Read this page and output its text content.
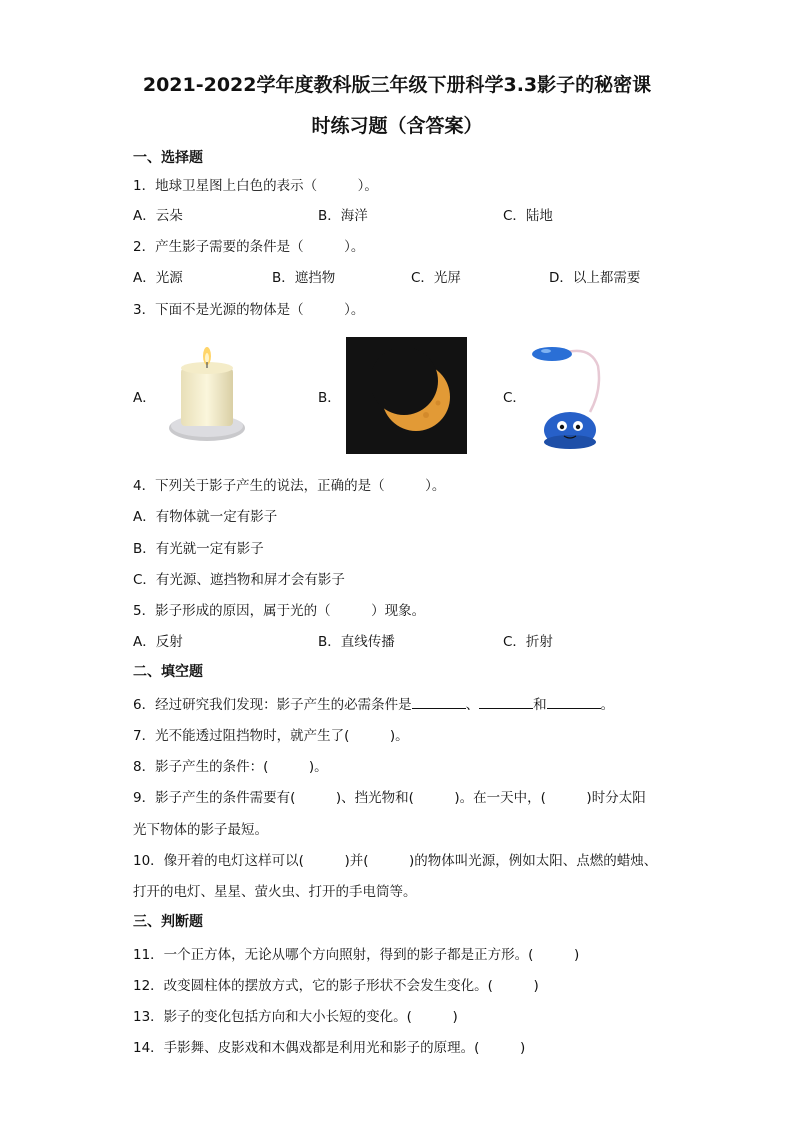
2021-2022学年度教科版三年级下册科学3.3影子的秘密课
时练习题（含答案）
一、选择题
1．地球卫星图上白色的表示（　　　）。
A．云朵	B．海洋	C．陆地
2．产生影子需要的条件是（　　　）。
A．光源	B．遮挡物	C．光屏	D．以上都需要
3．下面不是光源的物体是（　　　）。
A．	B．	C．
4．下列关于影子产生的说法，正确的是（　　　）。
A．有物体就一定有影子
B．有光就一定有影子
C．有光源、遮挡物和屏才会有影子
5．影子形成的原因，属于光的（　　　）现象。
A．反射	B．直线传播	C．折射
二、填空题
6．经过研究我们发现：影子产生的必需条件是	、	和	。
7．光不能透过阻挡物时，就产生了(　　　)。
8．影子产生的条件：(　　　)。
9．影子产生的条件需要有(　　　)、挡光物和(　　　)。在一天中，(　　　)时分太阳
光下物体的影子最短。
10．像开着的电灯这样可以(　　　)并(　　　)的物体叫光源，例如太阳、点燃的蜡烛、
打开的电灯、星星、萤火虫、打开的手电筒等。
三、判断题
11．一个正方体，无论从哪个方向照射，得到的影子都是正方形。(　　　)
12．改变圆柱体的摆放方式，它的影子形状不会发生变化。(　　　)
13．影子的变化包括方向和大小长短的变化。(　　　)
14．手影舞、皮影戏和木偶戏都是利用光和影子的原理。(　　　)
